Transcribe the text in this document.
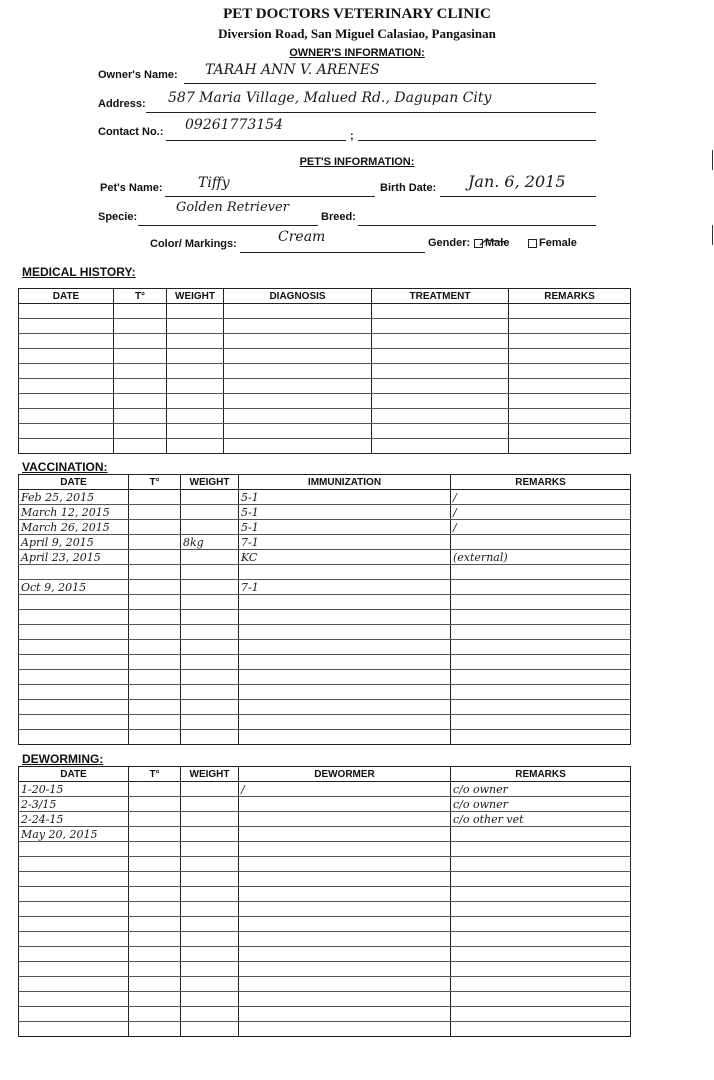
PET DOCTORS VETERINARY CLINIC
Diversion Road, San Miguel Calasiao, Pangasinan
OWNER'S INFORMATION:
Owner's Name: TARAH ANN V. ARENES
Address: 587 Maria Village, Malued Rd., Dagupan City
Contact No.:	;
09261773154
PET'S INFORMATION:
Pet's Name:	Tiffy	Birth Date: Jan. 6, 2015
Specie:
Golden Retriever
Breed:
Color/ Markings:	Cream	Gender:	Male	Female
MEDICAL HISTORY:
DATE	T°	WEIGHT	DIAGNOSIS	TREATMENT	REMARKS

VACCINATION:
DATE	T°	WEIGHT	IMMUNIZATION	REMARKS
Feb 25, 2015			5-1	/
March 12, 2015			5-1	/
March 26, 2015			5-1	/
April 9, 2015		8kg	7-1	
April 23, 2015			KC	(external)

Oct 9, 2015			7-1	

DEWORMING:
DATE	T°	WEIGHT	DEWORMER	REMARKS
1-20-15			/	c/o owner
2-3/15				c/o owner
2-24-15				c/o other vet
May 20, 2015				
